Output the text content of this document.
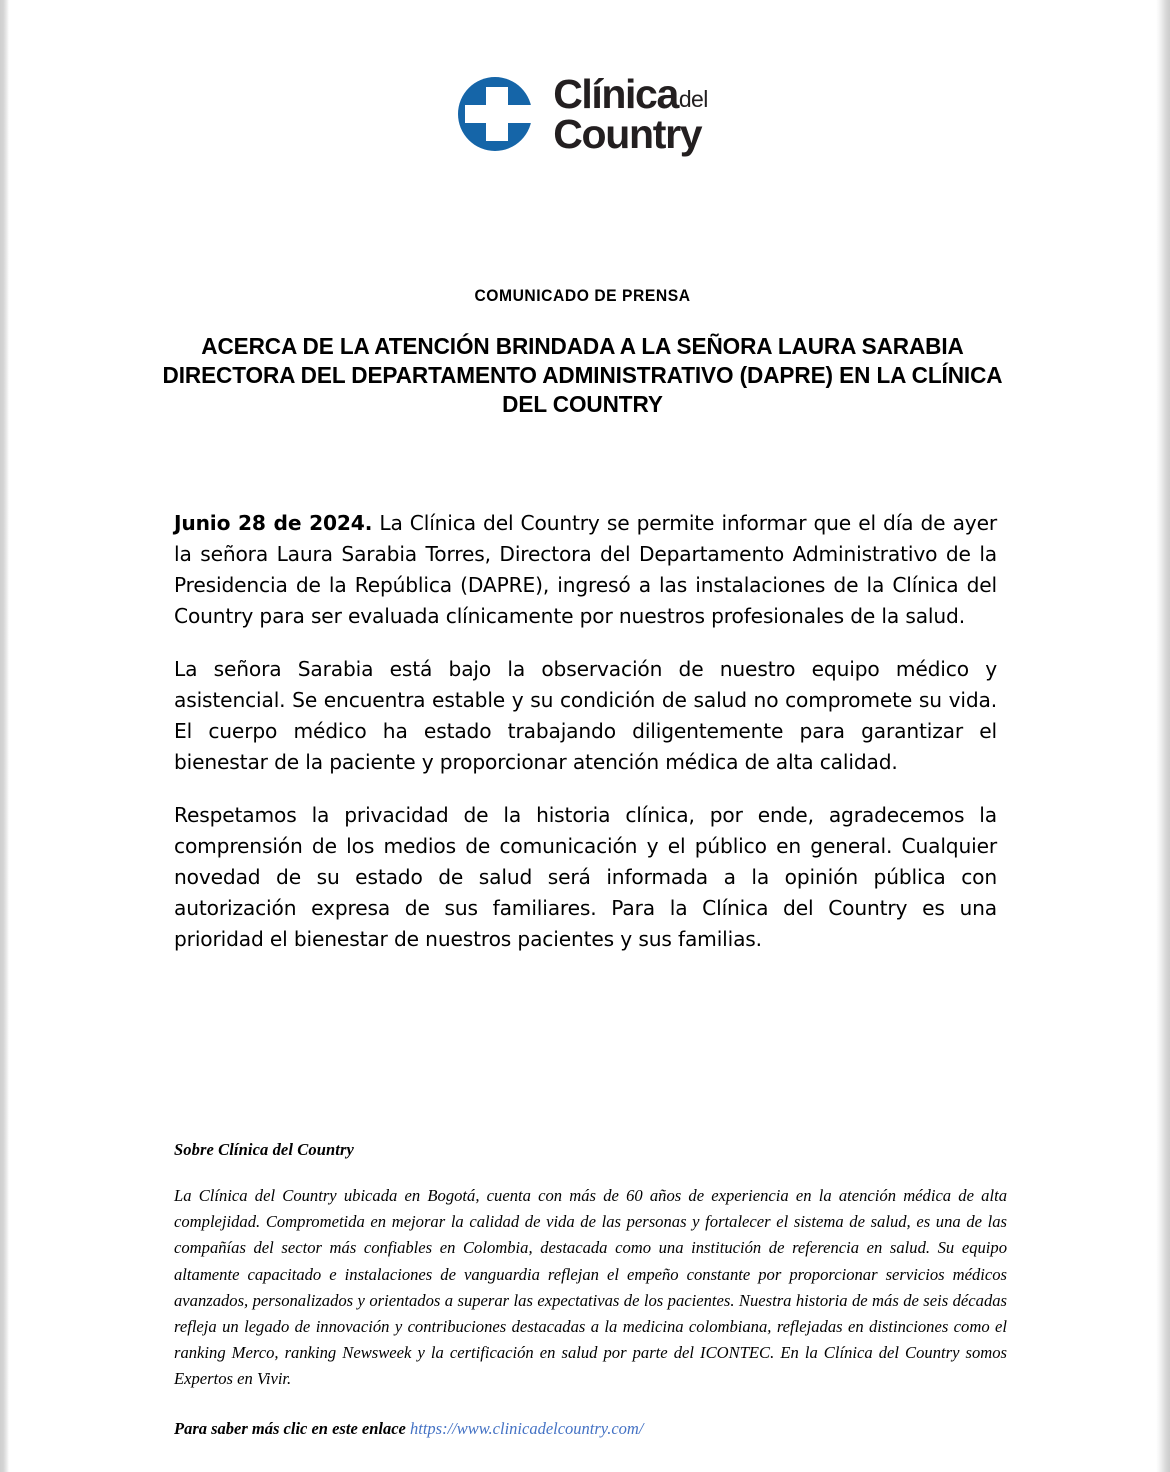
Clínica del
Country
COMUNICADO DE PRENSA
ACERCA DE LA ATENCIÓN BRINDADA A LA SEÑORA LAURA SARABIA DIRECTORA DEL DEPARTAMENTO ADMINISTRATIVO (DAPRE) EN LA CLÍNICA DEL COUNTRY

Junio 28 de 2024. La Clínica del Country se permite informar que el día de ayer la señora Laura Sarabia Torres, Directora del Departamento Administrativo de la Presidencia de la República (DAPRE), ingresó a las instalaciones de la Clínica del Country para ser evaluada clínicamente por nuestros profesionales de la salud.

La señora Sarabia está bajo la observación de nuestro equipo médico y asistencial. Se encuentra estable y su condición de salud no compromete su vida. El cuerpo médico ha estado trabajando diligentemente para garantizar el bienestar de la paciente y proporcionar atención médica de alta calidad.

Respetamos la privacidad de la historia clínica, por ende, agradecemos la comprensión de los medios de comunicación y el público en general. Cualquier novedad de su estado de salud será informada a la opinión pública con autorización expresa de sus familiares. Para la Clínica del Country es una prioridad el bienestar de nuestros pacientes y sus familias.

Sobre Clínica del Country

La Clínica del Country ubicada en Bogotá, cuenta con más de 60 años de experiencia en la atención médica de alta complejidad. Comprometida en mejorar la calidad de vida de las personas y fortalecer el sistema de salud, es una de las compañías del sector más confiables en Colombia, destacada como una institución de referencia en salud. Su equipo altamente capacitado e instalaciones de vanguardia reflejan el empeño constante por proporcionar servicios médicos avanzados, personalizados y orientados a superar las expectativas de los pacientes. Nuestra historia de más de seis décadas refleja un legado de innovación y contribuciones destacadas a la medicina colombiana, reflejadas en distinciones como el ranking Merco, ranking Newsweek y la certificación en salud por parte del ICONTEC. En la Clínica del Country somos Expertos en Vivir.

Para saber más clic en este enlace https://www.clinicadelcountry.com/
